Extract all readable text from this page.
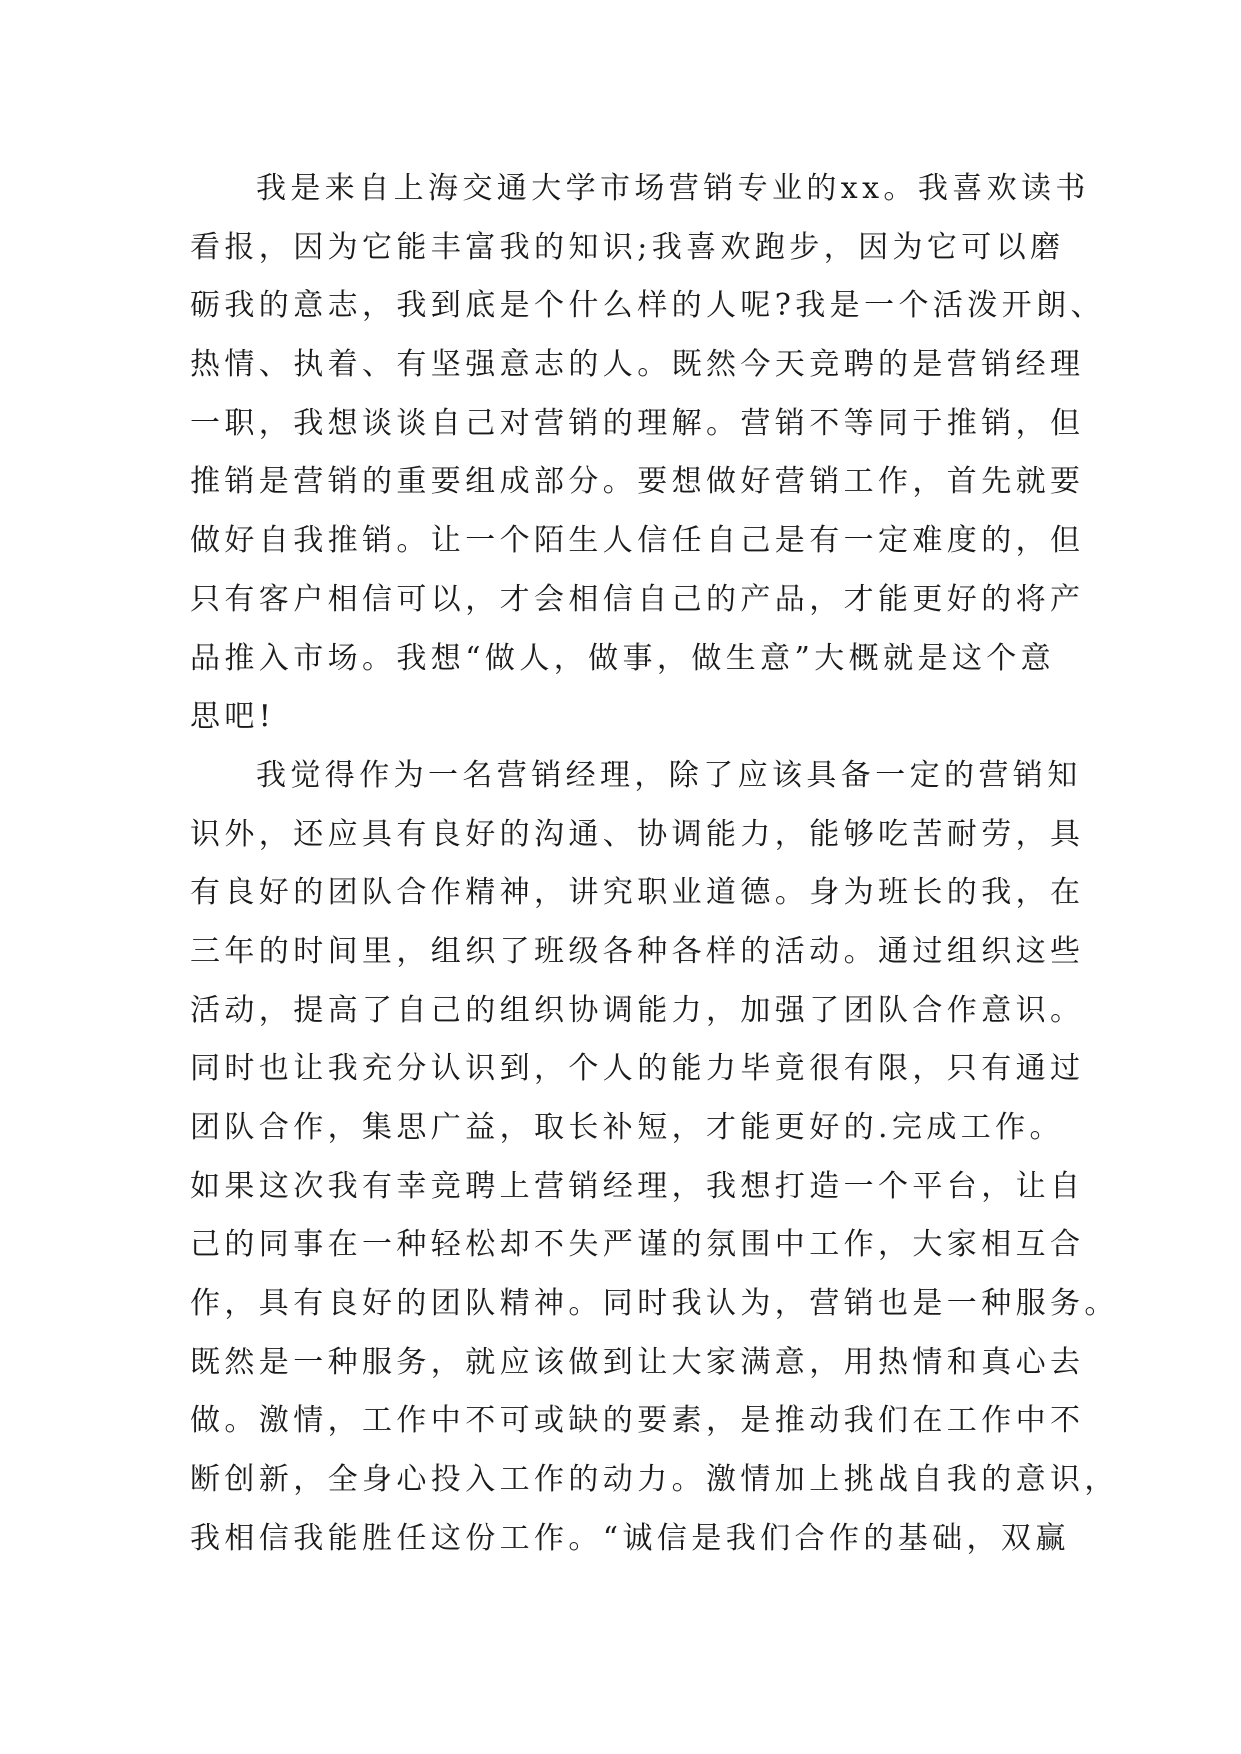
我是来自上海交通大学市场营销专业的xx。我喜欢读书
看报，因为它能丰富我的知识;我喜欢跑步，因为它可以磨
砺我的意志，我到底是个什么样的人呢?我是一个活泼开朗、
热情、执着、有坚强意志的人。既然今天竞聘的是营销经理
一职，我想谈谈自己对营销的理解。营销不等同于推销，但
推销是营销的重要组成部分。要想做好营销工作，首先就要
做好自我推销。让一个陌生人信任自己是有一定难度的，但
只有客户相信可以，才会相信自己的产品，才能更好的将产
品推入市场。我想“做人，做事，做生意”大概就是这个意
思吧!
我觉得作为一名营销经理，除了应该具备一定的营销知
识外，还应具有良好的沟通、协调能力，能够吃苦耐劳，具
有良好的团队合作精神，讲究职业道德。身为班长的我，在
三年的时间里，组织了班级各种各样的活动。通过组织这些
活动，提高了自己的组织协调能力，加强了团队合作意识。
同时也让我充分认识到，个人的能力毕竟很有限，只有通过
团队合作，集思广益，取长补短，才能更好的.完成工作。
如果这次我有幸竞聘上营销经理，我想打造一个平台，让自
己的同事在一种轻松却不失严谨的氛围中工作，大家相互合
作，具有良好的团队精神。同时我认为，营销也是一种服务。
既然是一种服务，就应该做到让大家满意，用热情和真心去
做。激情，工作中不可或缺的要素，是推动我们在工作中不
断创新，全身心投入工作的动力。激情加上挑战自我的意识，
我相信我能胜任这份工作。“诚信是我们合作的基础，双赢
